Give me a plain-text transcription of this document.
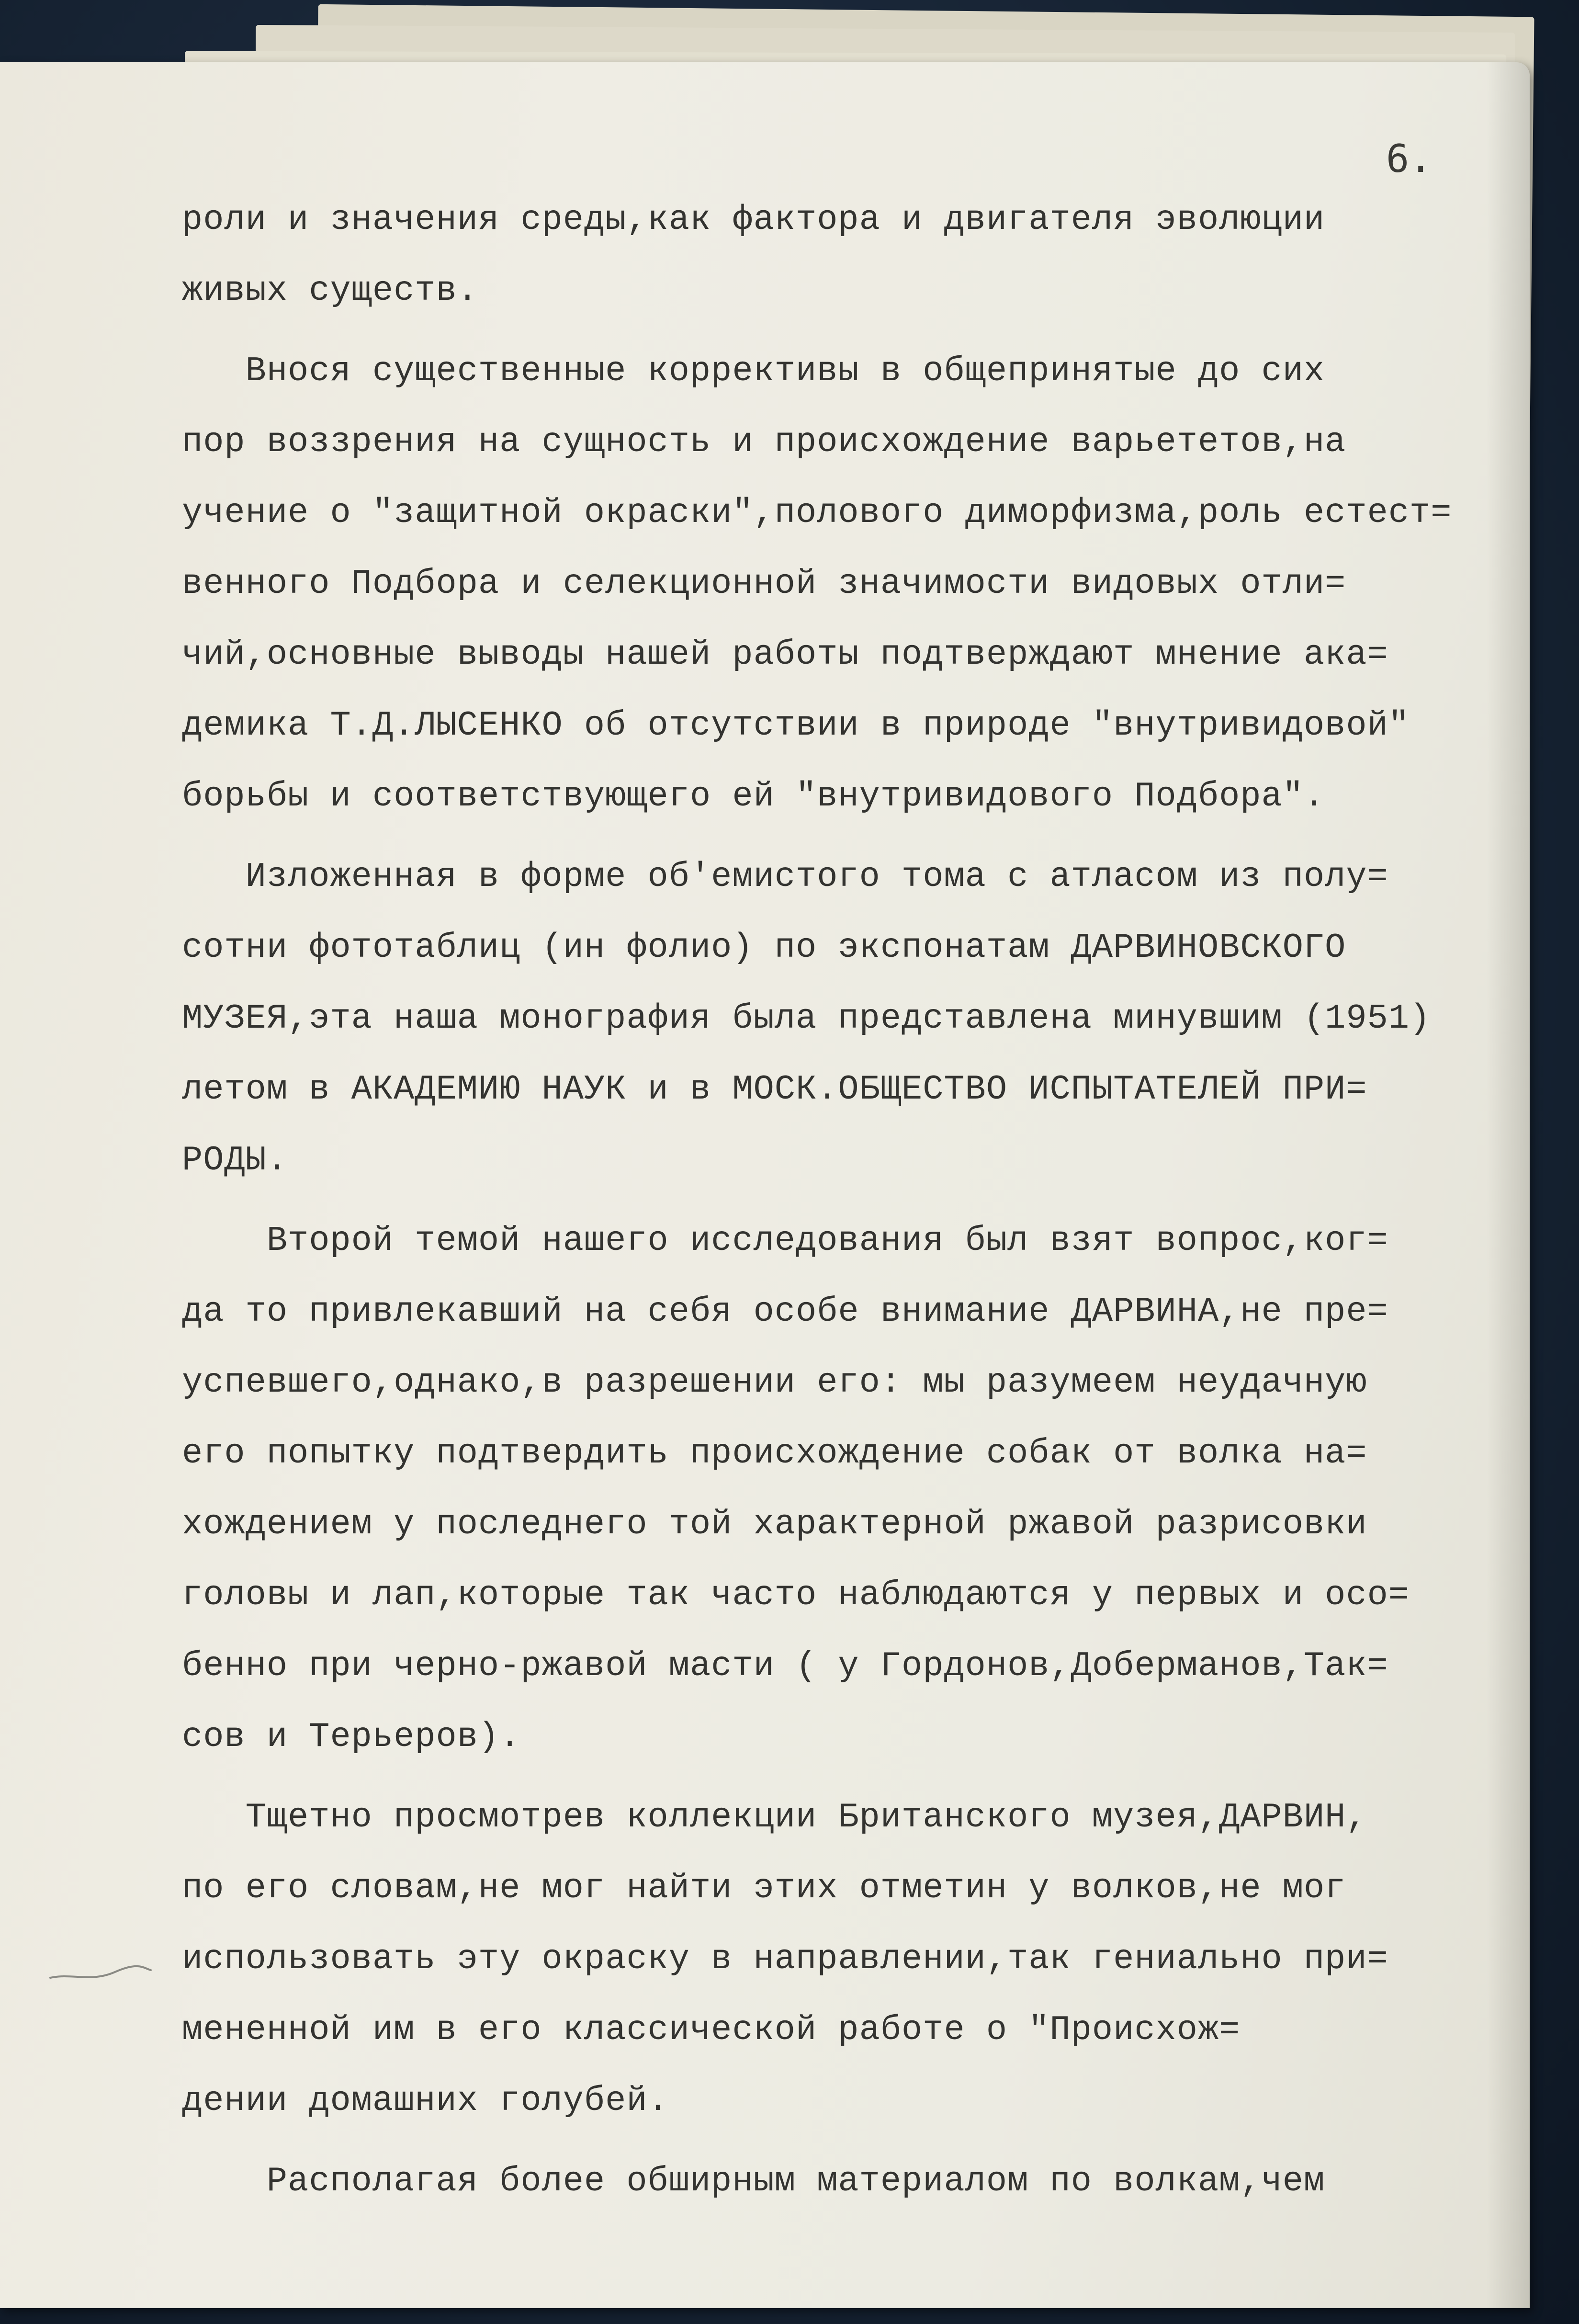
6.
роли и значения среды,как фактора и двигателя эволюции
живых существ.
Внося существенные коррективы в общепринятые до сих
пор воззрения на сущность и происхождение варьететов,на
учение о "защитной окраски",полового диморфизма,роль естест=
венного Подбора и селекционной значимости видовых отли=
чий,основные выводы нашей работы подтверждают мнение ака=
демика Т.Д.ЛЫСЕНКО об отсутствии в природе "внутривидовой"
борьбы и соответствующего ей "внутривидового Подбора".
Изложенная в форме об'емистого тома с атласом из полу=
сотни фототаблиц (ин фолио) по экспонатам ДАРВИНОВСКОГО
МУЗЕЯ,эта наша монография была представлена минувшим (1951)
летом в АКАДЕМИЮ НАУК и в МОСК.ОБЩЕСТВО ИСПЫТАТЕЛЕЙ ПРИ=
РОДЫ.
Второй темой нашего исследования был взят вопрос,ког=
да то привлекавший на себя особе внимание ДАРВИНА,не пре=
успевшего,однако,в разрешении его: мы разумеем неудачную
его попытку подтвердить происхождение собак от волка на=
хождением у последнего той характерной ржавой разрисовки
головы и лап,которые так часто наблюдаются у первых и осо=
бенно при черно-ржавой масти ( у Гордонов,Доберманов,Так=
сов и Терьеров).
Тщетно просмотрев коллекции Британского музея,ДАРВИН,
по его словам,не мог найти этих отметин у волков,не мог
использовать эту окраску в направлении,так гениально при=
мененной им в его классической работе о "Происхож=
дении домашних голубей.
Располагая более обширным материалом по волкам,чем
